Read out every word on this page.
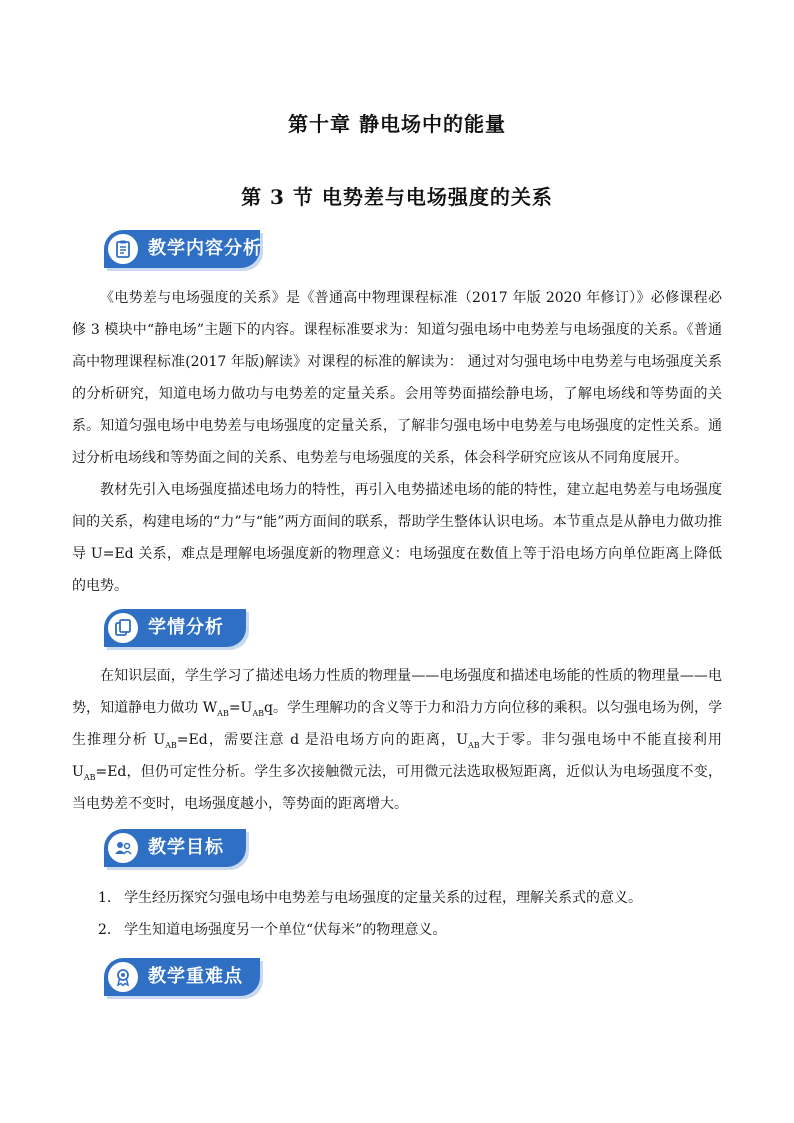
第十章 静电场中的能量
第 3 节 电势差与电场强度的关系
教学内容分析

《电势差与电场强度的关系》是《普通高中物理课程标准（2017 年版 2020 年修订）》必修课程必修 3 模块中“静电场”主题下的内容。课程标准要求为：知道匀强电场中电势差与电场强度的关系。《普通高中物理课程标准(2017 年版)解读》对课程的标准的解读为： 通过对匀强电场中电势差与电场强度关系的分析研究，知道电场力做功与电势差的定量关系。会用等势面描绘静电场，了解电场线和等势面的关系。知道匀强电场中电势差与电场强度的定量关系，了解非匀强电场中电势差与电场强度的定性关系。通过分析电场线和等势面之间的关系、电势差与电场强度的关系，体会科学研究应该从不同角度展开。

教材先引入电场强度描述电场力的特性，再引入电势描述电场的能的特性，建立起电势差与电场强度间的关系，构建电场的“力”与“能”两方面间的联系，帮助学生整体认识电场。本节重点是从静电力做功推导 U=Ed 关系，难点是理解电场强度新的物理意义：电场强度在数值上等于沿电场方向单位距离上降低的电势。

学情分析

在知识层面，学生学习了描述电场力性质的物理量——电场强度和描述电场能的性质的物理量——电势，知道静电力做功 $W_{AB}=U_{AB}q$。学生理解功的含义等于力和沿力方向位移的乘积。以匀强电场为例，学生推理分析 $U_{AB}=Ed$，需要注意 d 是沿电场方向的距离，$U_{AB}$大于零。非匀强电场中不能直接利用 $U_{AB}=Ed$，但仍可定性分析。学生多次接触微元法，可用微元法选取极短距离，近似认为电场强度不变，当电势差不变时，电场强度越小，等势面的距离增大。

教学目标

1. 学生经历探究匀强电场中电势差与电场强度的定量关系的过程，理解关系式的意义。

2. 学生知道电场强度另一个单位“伏每米”的物理意义。

教学重难点
